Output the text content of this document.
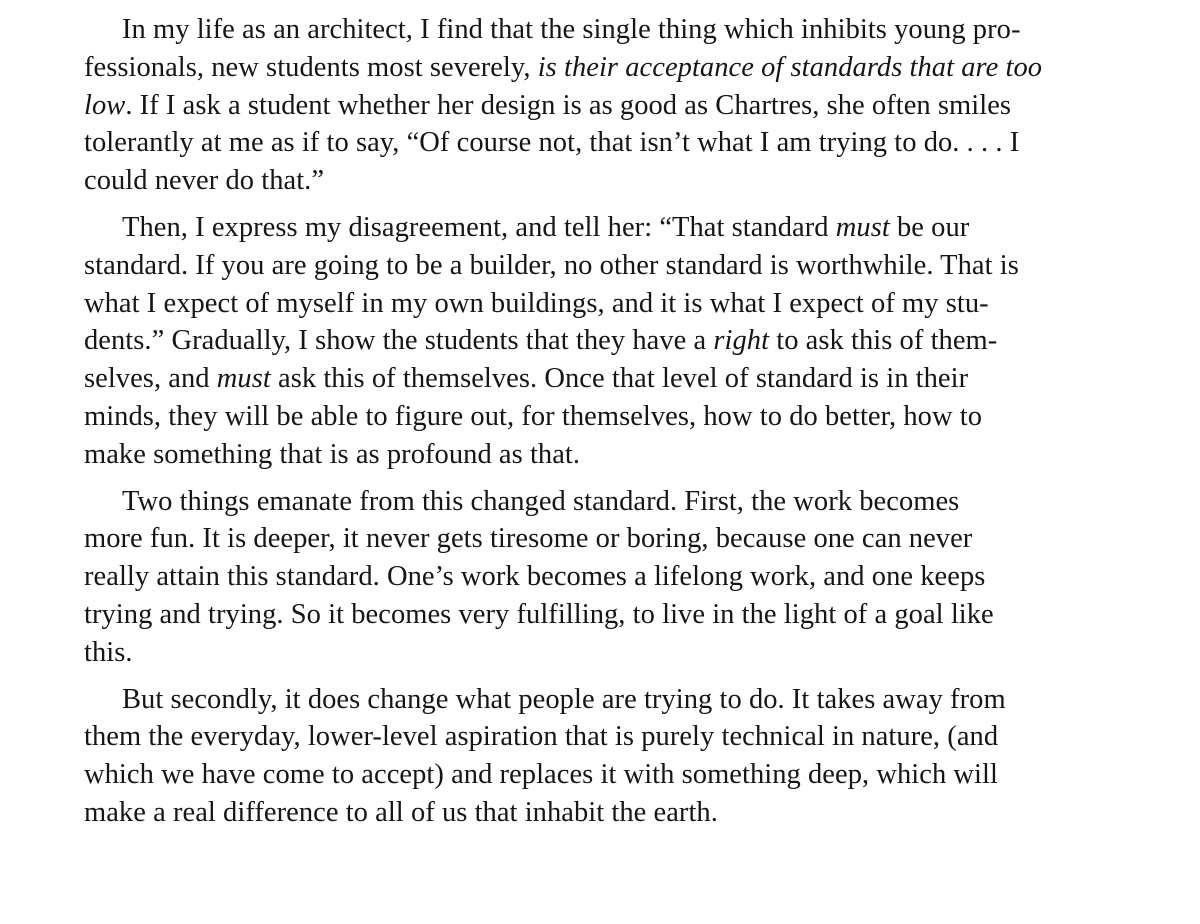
In my life as an architect, I find that the single thing which inhibits young pro-
fessionals, new students most severely, is their acceptance of standards that are too
low. If I ask a student whether her design is as good as Chartres, she often smiles
tolerantly at me as if to say, “Of course not, that isn’t what I am trying to do. . . . I
could never do that.”
Then, I express my disagreement, and tell her: “That standard must be our
standard. If you are going to be a builder, no other standard is worthwhile. That is
what I expect of myself in my own buildings, and it is what I expect of my stu-
dents.” Gradually, I show the students that they have a right to ask this of them-
selves, and must ask this of themselves. Once that level of standard is in their
minds, they will be able to figure out, for themselves, how to do better, how to
make something that is as profound as that.
Two things emanate from this changed standard. First, the work becomes
more fun. It is deeper, it never gets tiresome or boring, because one can never
really attain this standard. One’s work becomes a lifelong work, and one keeps
trying and trying. So it becomes very fulfilling, to live in the light of a goal like
this.
But secondly, it does change what people are trying to do. It takes away from
them the everyday, lower-level aspiration that is purely technical in nature, (and
which we have come to accept) and replaces it with something deep, which will
make a real difference to all of us that inhabit the earth.
